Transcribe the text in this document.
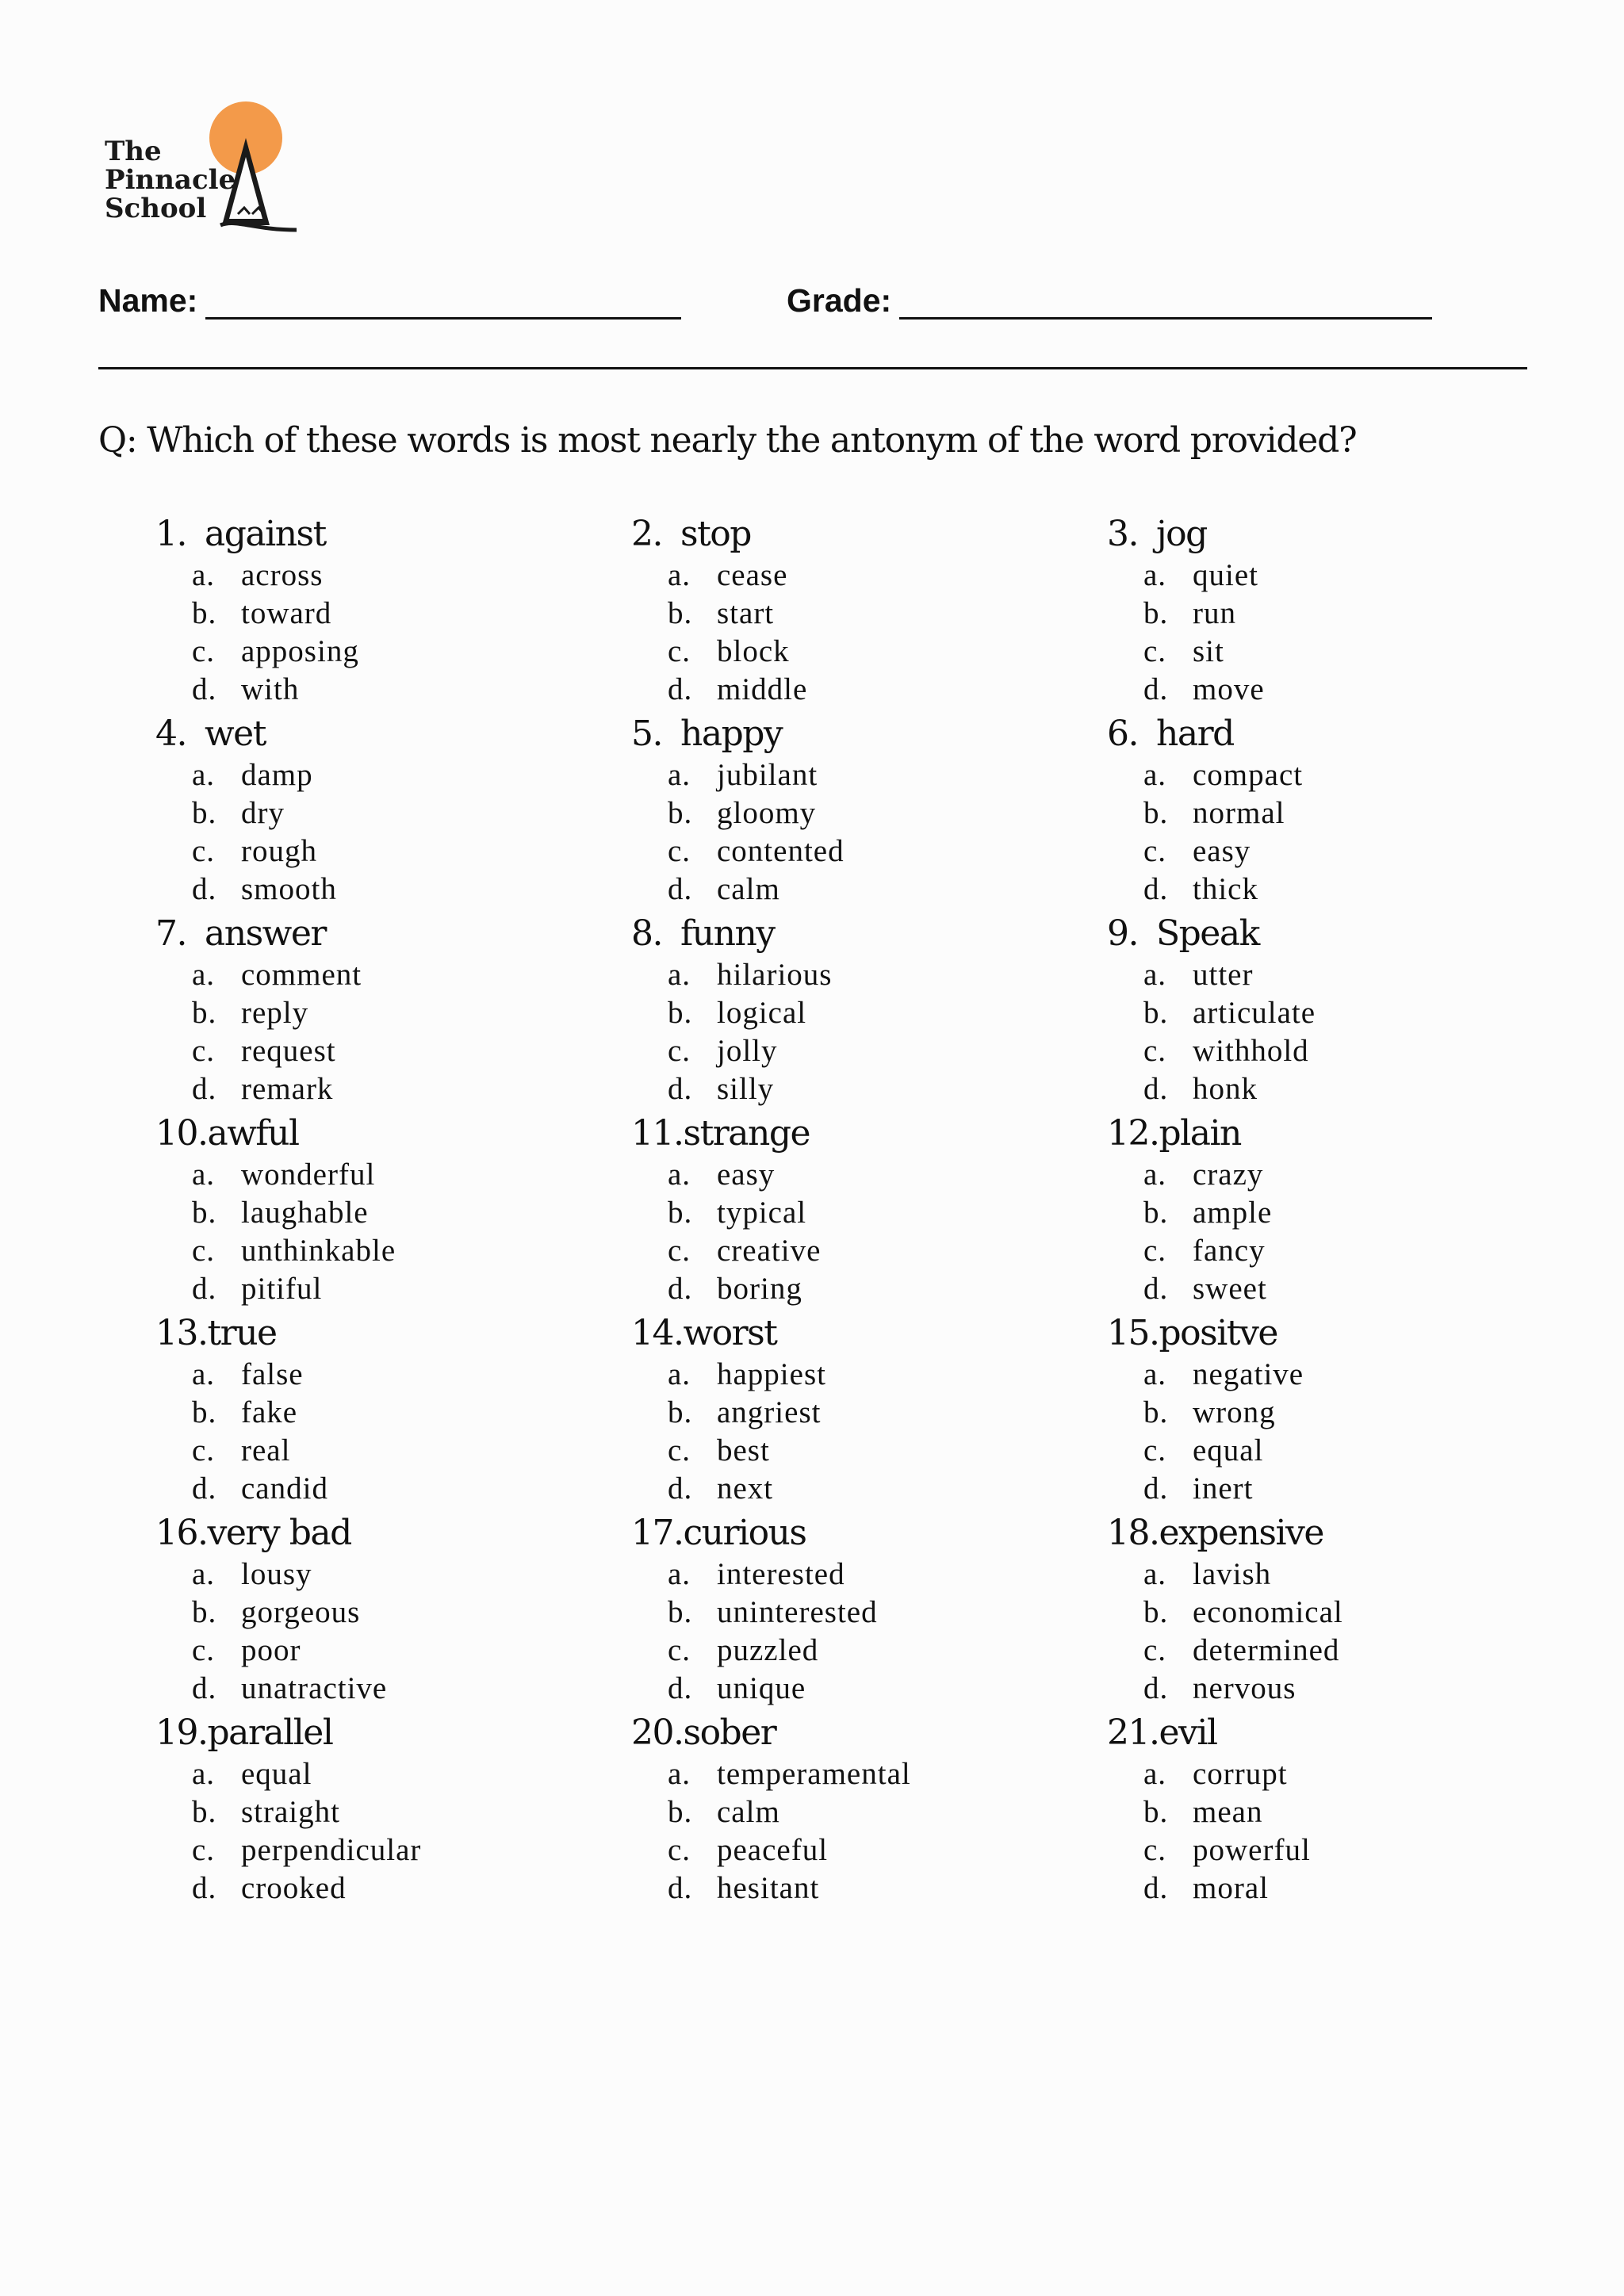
The
Pinnacle
School
Name:	Grade:
Q: Which of these words is most nearly the antonym of the word provided?
1. against
a. across
b. toward
c. apposing
d. with
4. wet
a. damp
b. dry
c. rough
d. smooth
7. answer
a. comment
b. reply
c. request
d. remark
10. awful
a. wonderful
b. laughable
c. unthinkable
d. pitiful
13. true
a. false
b. fake
c. real
d. candid
16. very bad
a. lousy
b. gorgeous
c. poor
d. unatractive
19. parallel
a. equal
b. straight
c. perpendicular
d. crooked
2. stop
a. cease
b. start
c. block
d. middle
5. happy
a. jubilant
b. gloomy
c. contented
d. calm
8. funny
a. hilarious
b. logical
c. jolly
d. silly
11. strange
a. easy
b. typical
c. creative
d. boring
14. worst
a. happiest
b. angriest
c. best
d. next
17. curious
a. interested
b. uninterested
c. puzzled
d. unique
20. sober
a. temperamental
b. calm
c. peaceful
d. hesitant
3. jog
a. quiet
b. run
c. sit
d. move
6. hard
a. compact
b. normal
c. easy
d. thick
9. Speak
a. utter
b. articulate
c. withhold
d. honk
12. plain
a. crazy
b. ample
c. fancy
d. sweet
15. positve
a. negative
b. wrong
c. equal
d. inert
18. expensive
a. lavish
b. economical
c. determined
d. nervous
21. evil
a. corrupt
b. mean
c. powerful
d. moral
